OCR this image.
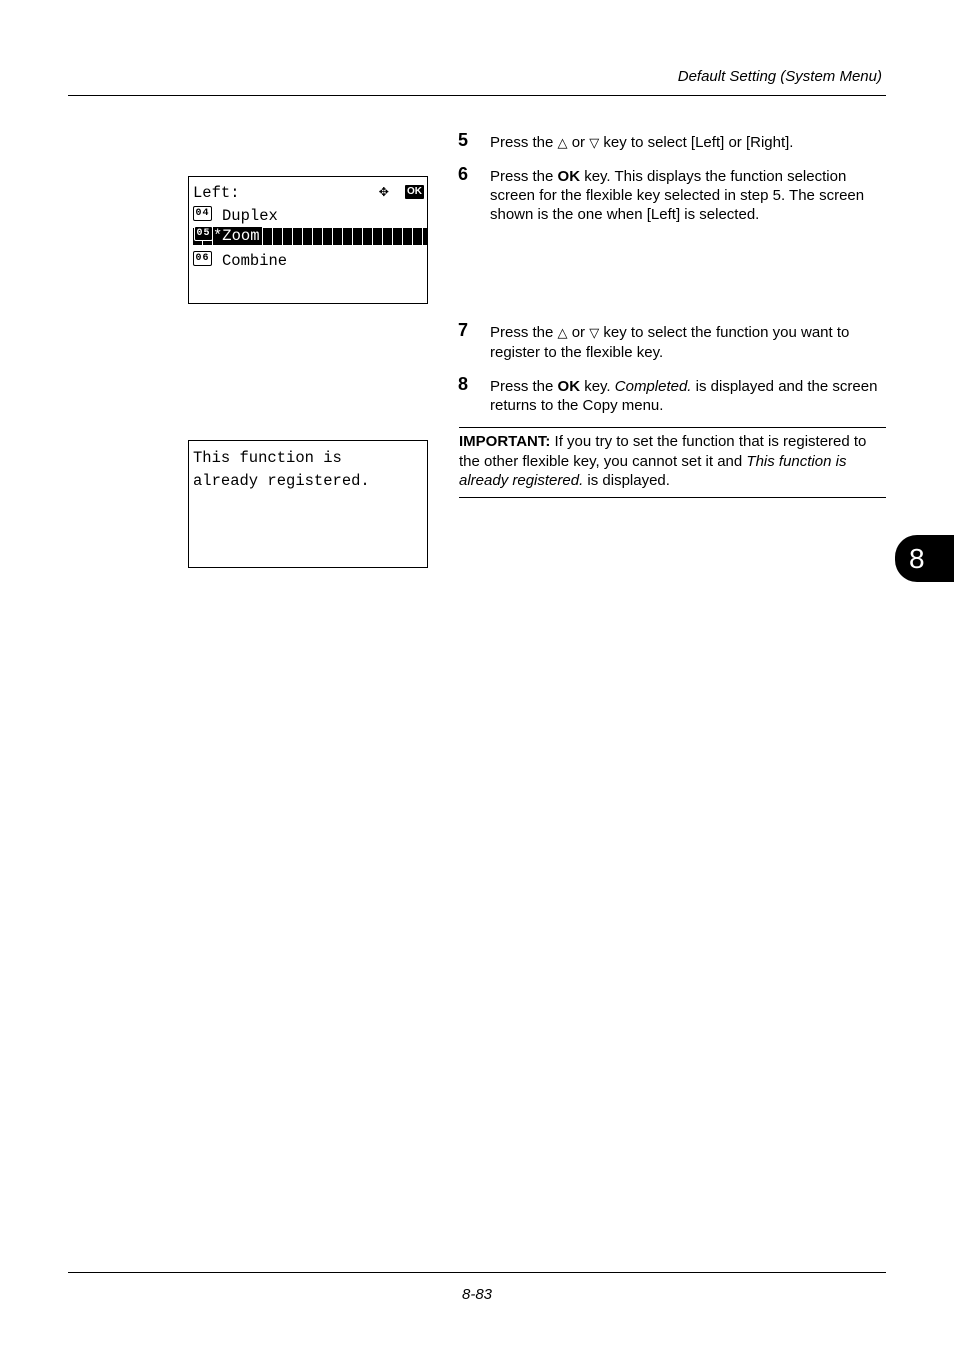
Default Setting (System Menu)
Left:	✥ OK
04 Duplex
05 *Zoom
06 Combine
This function is
already registered.
5 Press the △ or ▽ key to select [Left] or [Right].
6 Press the OK key. This displays the function selection screen for the flexible key selected in step 5. The screen shown is the one when [Left] is selected.
7 Press the △ or ▽ key to select the function you want to register to the flexible key.
8 Press the OK key. Completed. is displayed and the screen returns to the Copy menu.
IMPORTANT: If you try to set the function that is registered to the other flexible key, you cannot set it and This function is already registered. is displayed.
8
8-83
